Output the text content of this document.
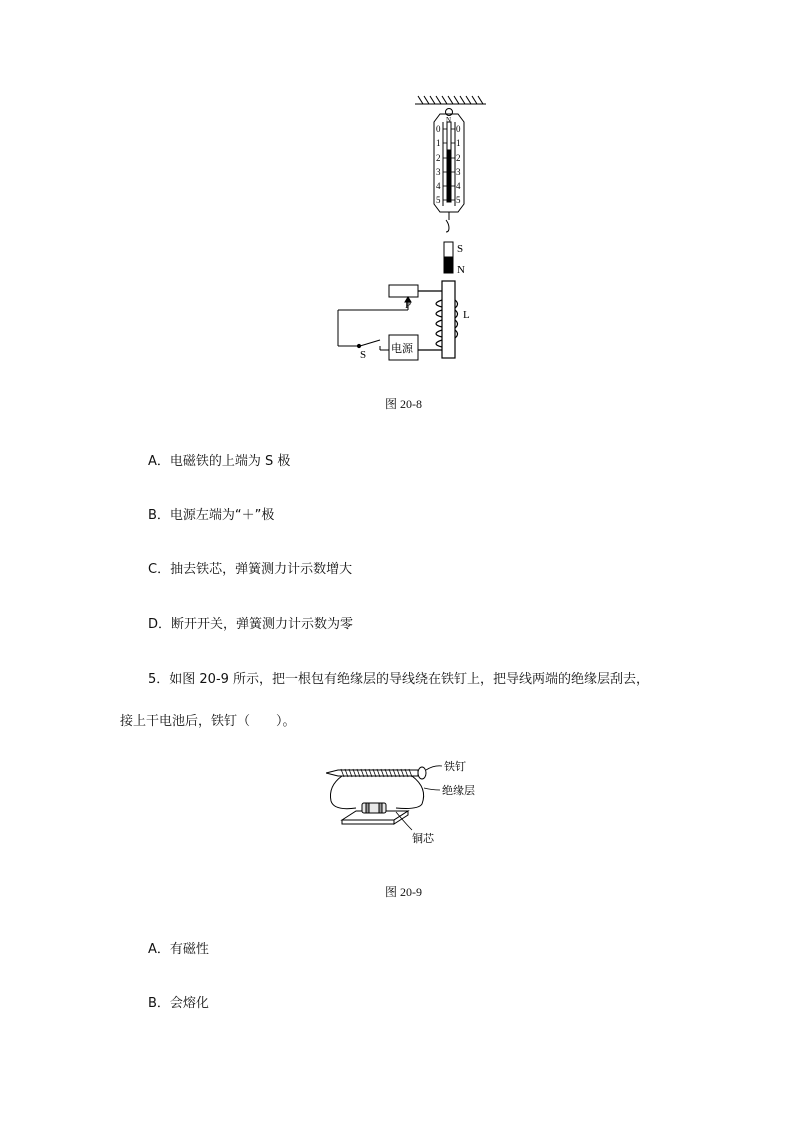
N
0
1
2
3
4
5
0
1
2
3
4
5
S
N
L
P
S 电源
图 20-8
A．电磁铁的上端为 S 极
B．电源左端为“＋”极
C．抽去铁芯，弹簧测力计示数增大
D．断开开关，弹簧测力计示数为零
5．如图 20-9 所示，把一根包有绝缘层的导线绕在铁钉上，把导线两端的绝缘层刮去，
接上干电池后，铁钉（　　）。
铁钉
绝缘层
铜芯
图 20-9
A．有磁性
B．会熔化
